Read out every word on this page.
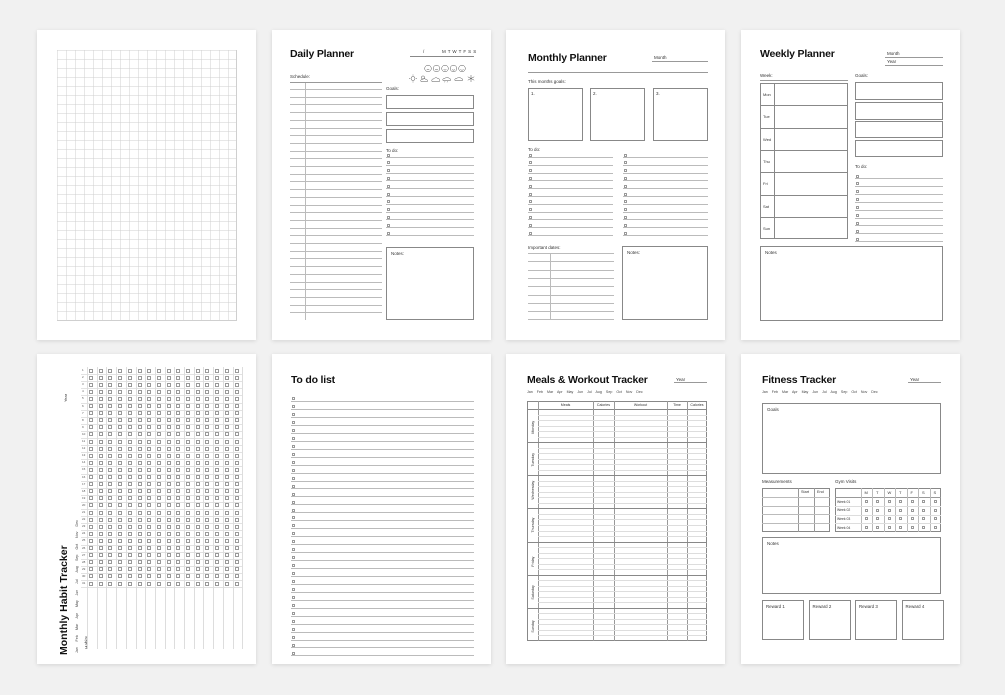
Daily Planner	/	M T W T F S S
Schedule:
Goals:
To do:
Notes:
Monthly Planner	Month
This months goals:
1.	2.	3.
To do:
Important dates:
Notes:
Weekly Planner	Month
Year
Week:	Goals:
To do:
Notes
Mon
Tue
Wed
Thu
Fri
Sat
Sun
Monthly Habit Tracker
Year
Jan
Feb
Mar
Apr
May
Jun
Jul
Aug
Sep
Oct
Nov
Dec
Habits
1
2
3
4
5
6
7
8
9
10
11
12
13
14
15
16
17
18
19
20
21
22
23
24
25
26
27
28
29
30
31
To do list	Meals & Workout Tracker	Year
Jan Feb Mar Apr May Jun Jul Aug Sep Oct Nov Dec
Meals	Calories	Workout	Time	Calories
Monday
Tuesday
Wednesday
Thursday
Friday
Saturday
Sunday
Fitness Tracker	Year
Jan Feb Mar Apr May Jun Jul Aug Sep Oct Nov Dec
Goals
Measurements	Gym Visits
Start End	M T W T F S S
Week 01
Week 02
Week 03
Week 04
Notes
Reward 1	Reward 2	Reward 3	Reward 4
